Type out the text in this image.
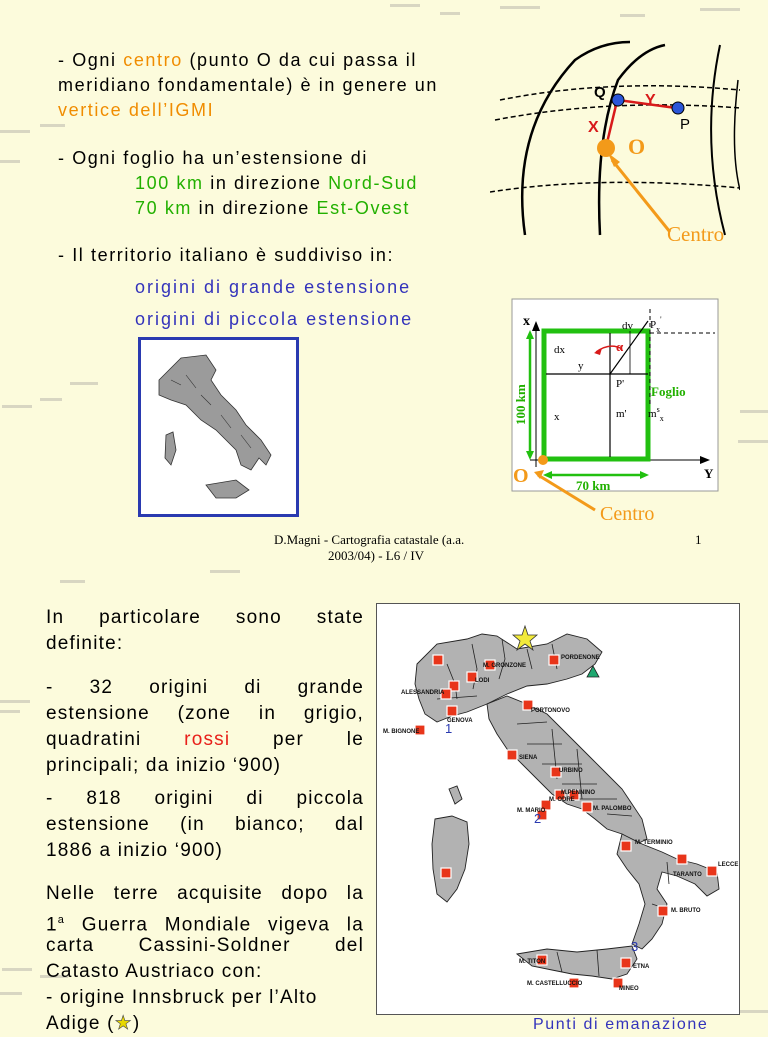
- Ogni centro (punto O da cui passa il
meridiano fondamentale) è in genere un
vertice dell’IGMI
- Ogni foglio ha un’estensione di
100 km in direzione Nord-Sud
70 km in direzione Est-Ovest
- Il territorio italiano è suddiviso in:
origini di grande estensione
origini di piccola estensione
Q Y
X	P
O
Centro
x
Y
dv $P_x'$
dx	α
y
P' Foglio
x	m' $m^s_x$
100 km
70 km
O
Centro
D.Magni - Cartografia catastale (a.a.
2003/04) - L6 / IV
1
In particolare sono state
definite:
- 32 origini di grande
estensione (zone in grigio,
quadratini rossi per le
principali; da inizio ‘900)
- 818 origini di piccola
estensione (in bianco; dal
1886 a inizio ‘900)
Nelle terre acquisite dopo la
1$^a$ Guerra Mondiale vigeva la
carta Cassini-Soldner del
Catasto Austriaco con:
- origine Innsbruck per l’Alto
Adige (★)
PORDENONE
M. GRONZONE
LODI
ALESSANDRIA
GENOVA
M. BIGNONE
PORTONOVO
URBINO
SIENA
M.PENNINO
M. ODRE
M. MARIO	M. PALOMBO
M. TERMINIO
TARANTO
LECCE
M. BRUTO
M. TITON
ETNA
M. CASTELLUCCIO
MINEO
1
2
3
Punti di emanazione
